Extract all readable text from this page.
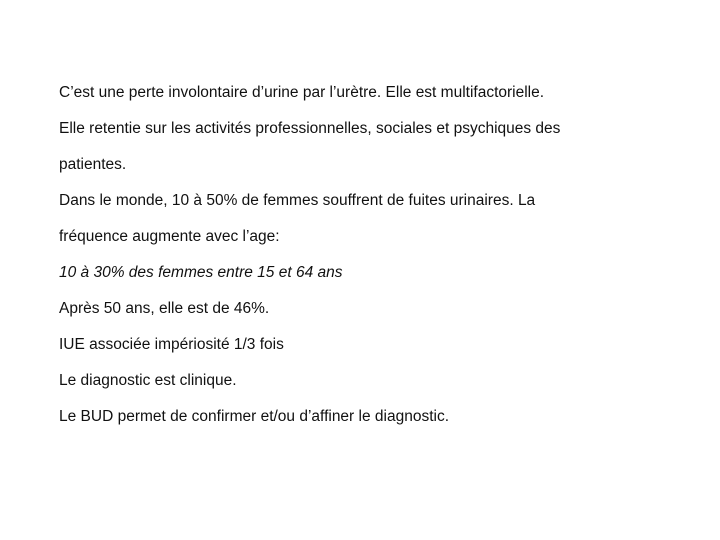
C’est une perte involontaire d’urine par l’urètre. Elle est multifactorielle.
Elle retentie sur les activités professionnelles, sociales et psychiques des
patientes.
Dans le monde, 10 à 50% de femmes souffrent de fuites urinaires. La
fréquence augmente avec l’age:
10 à 30% des femmes entre 15 et 64 ans
Après 50 ans, elle est de 46%.
IUE associée impériosité 1/3 fois
Le diagnostic est clinique.
Le BUD permet de confirmer et/ou d’affiner le diagnostic.
